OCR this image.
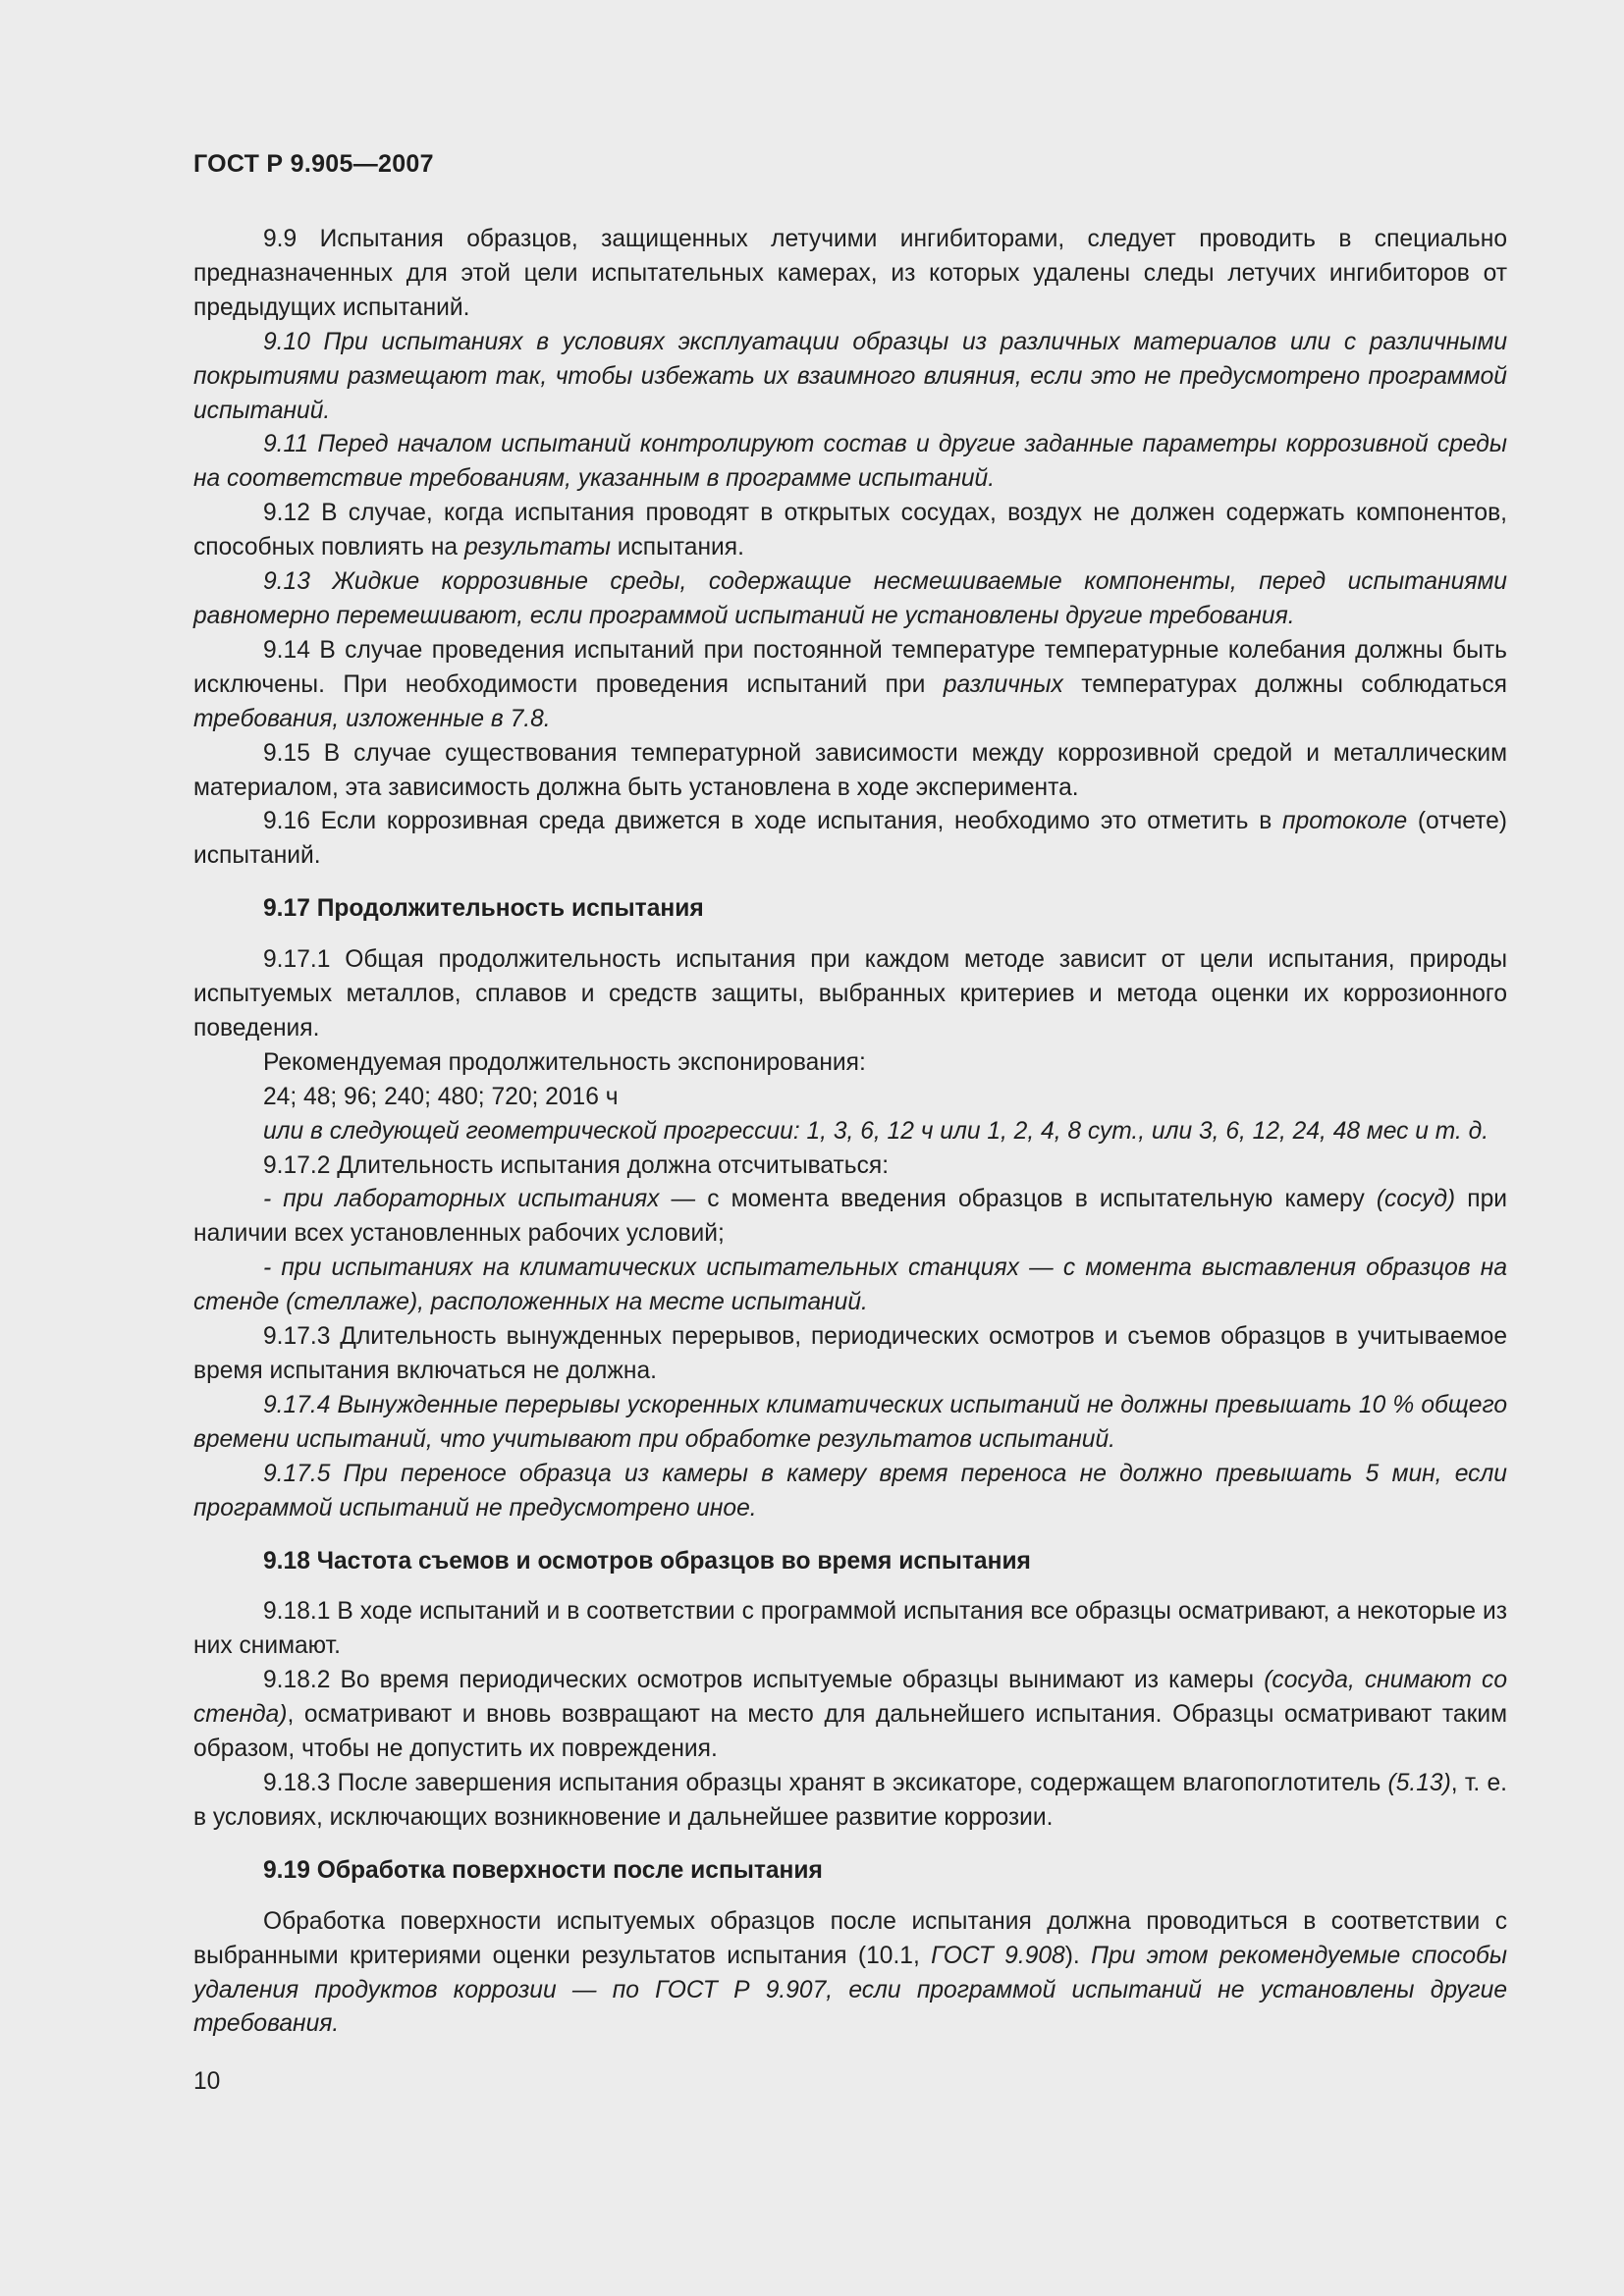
ГОСТ Р 9.905—2007

9.9 Испытания образцов, защищенных летучими ингибиторами, следует проводить в специально предназначенных для этой цели испытательных камерах, из которых удалены следы летучих ингибиторов от предыдущих испытаний.

9.10 При испытаниях в условиях эксплуатации образцы из различных материалов или с различными покрытиями размещают так, чтобы избежать их взаимного влияния, если это не предусмотрено программой испытаний.

9.11 Перед началом испытаний контролируют состав и другие заданные параметры коррозивной среды на соответствие требованиям, указанным в программе испытаний.

9.12 В случае, когда испытания проводят в открытых сосудах, воздух не должен содержать компонентов, способных повлиять на результаты испытания.

9.13 Жидкие коррозивные среды, содержащие несмешиваемые компоненты, перед испытаниями равномерно перемешивают, если программой испытаний не установлены другие требования.

9.14 В случае проведения испытаний при постоянной температуре температурные колебания должны быть исключены. При необходимости проведения испытаний при различных температурах должны соблюдаться требования, изложенные в 7.8.

9.15 В случае существования температурной зависимости между коррозивной средой и металлическим материалом, эта зависимость должна быть установлена в ходе эксперимента.

9.16 Если коррозивная среда движется в ходе испытания, необходимо это отметить в протоколе (отчете) испытаний.

9.17 Продолжительность испытания

9.17.1 Общая продолжительность испытания при каждом методе зависит от цели испытания, природы испытуемых металлов, сплавов и средств защиты, выбранных критериев и метода оценки их коррозионного поведения.

Рекомендуемая продолжительность экспонирования:

24; 48; 96; 240; 480; 720; 2016 ч

или в следующей геометрической прогрессии: 1, 3, 6, 12 ч или 1, 2, 4, 8 сут., или 3, 6, 12, 24, 48 мес и т. д.

9.17.2 Длительность испытания должна отсчитываться:

- при лабораторных испытаниях — с момента введения образцов в испытательную камеру (сосуд) при наличии всех установленных рабочих условий;

- при испытаниях на климатических испытательных станциях — с момента выставления образцов на стенде (стеллаже), расположенных на месте испытаний.

9.17.3 Длительность вынужденных перерывов, периодических осмотров и съемов образцов в учитываемое время испытания включаться не должна.

9.17.4 Вынужденные перерывы ускоренных климатических испытаний не должны превышать 10 % общего времени испытаний, что учитывают при обработке результатов испытаний.

9.17.5 При переносе образца из камеры в камеру время переноса не должно превышать 5 мин, если программой испытаний не предусмотрено иное.

9.18 Частота съемов и осмотров образцов во время испытания

9.18.1 В ходе испытаний и в соответствии с программой испытания все образцы осматривают, а некоторые из них снимают.

9.18.2 Во время периодических осмотров испытуемые образцы вынимают из камеры (сосуда, снимают со стенда), осматривают и вновь возвращают на место для дальнейшего испытания. Образцы осматривают таким образом, чтобы не допустить их повреждения.

9.18.3 После завершения испытания образцы хранят в эксикаторе, содержащем влагопоглотитель (5.13), т. е. в условиях, исключающих возникновение и дальнейшее развитие коррозии.

9.19 Обработка поверхности после испытания

Обработка поверхности испытуемых образцов после испытания должна проводиться в соответствии с выбранными критериями оценки результатов испытания (10.1, ГОСТ 9.908). При этом рекомендуемые способы удаления продуктов коррозии — по ГОСТ Р 9.907, если программой испытаний не установлены другие требования.

10
